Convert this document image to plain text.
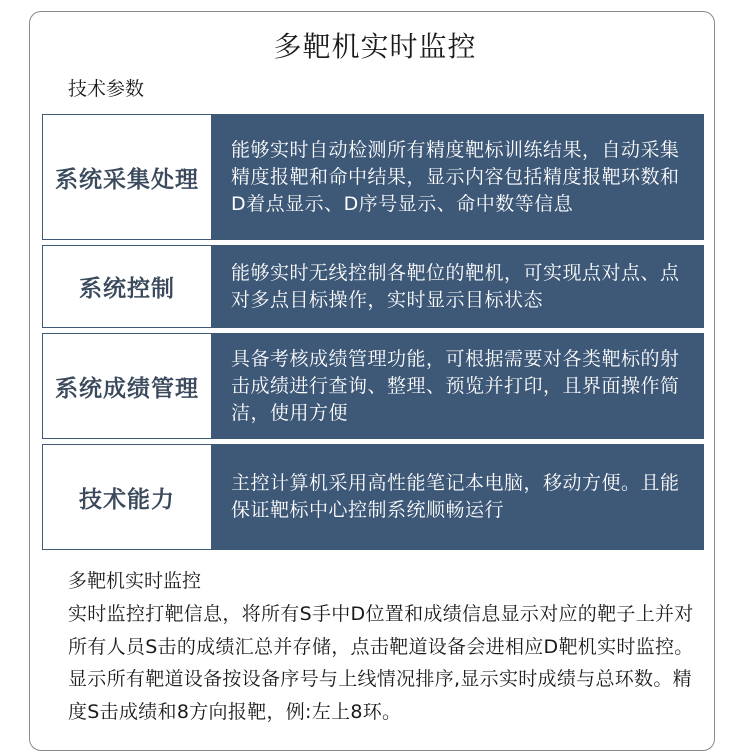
多靶机实时监控
技术参数
系统采集处理
能够实时自动检测所有精度靶标训练结果，自动采集精度报靶和命中结果，显示内容包括精度报靶环数和D着点显示、D序号显示、命中数等信息
系统控制
能够实时无线控制各靶位的靶机，可实现点对点、点对多点目标操作，实时显示目标状态
系统成绩管理
具备考核成绩管理功能，可根据需要对各类靶标的射击成绩进行查询、整理、预览并打印，且界面操作简洁，使用方便
技术能力
主控计算机采用高性能笔记本电脑，移动方便。且能保证靶标中心控制系统顺畅运行
多靶机实时监控
实时监控打靶信息，将所有S手中D位置和成绩信息显示对应的靶子上并对所有人员S击的成绩汇总并存储，点击靶道设备会进相应D靶机实时监控。显示所有靶道设备按设备序号与上线情况排序,显示实时成绩与总环数。精度S击成绩和8方向报靶，例:左上8环。
